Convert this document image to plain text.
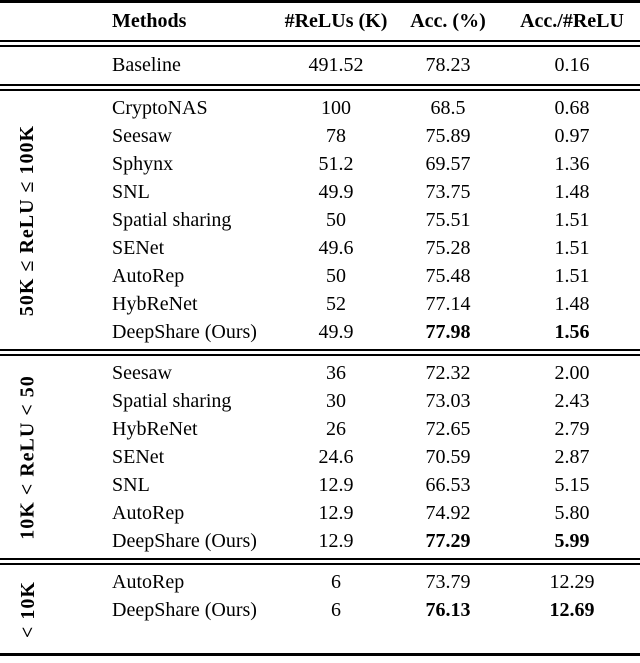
Methods	#ReLUs (K)	Acc. (%)	Acc./#ReLU
Baseline	491.52	78.23	0.16
50K ≤ ReLU ≤ 100K
CryptoNAS	100	68.5	0.68
Seesaw	78	75.89	0.97
Sphynx	51.2	69.57	1.36
SNL	49.9	73.75	1.48
Spatial sharing	50	75.51	1.51
SENet	49.6	75.28	1.51
AutoRep	50	75.48	1.51
HybReNet	52	77.14	1.48
DeepShare (Ours)	49.9	77.98	1.56
10K < ReLU < 50
Seesaw	36	72.32	2.00
Spatial sharing	30	73.03	2.43
HybReNet	26	72.65	2.79
SENet	24.6	70.59	2.87
SNL	12.9	66.53	5.15
AutoRep	12.9	74.92	5.80
DeepShare (Ours)	12.9	77.29	5.99
< 10K	AutoRep	6	73.79	12.29
DeepShare (Ours)	6	76.13	12.69
